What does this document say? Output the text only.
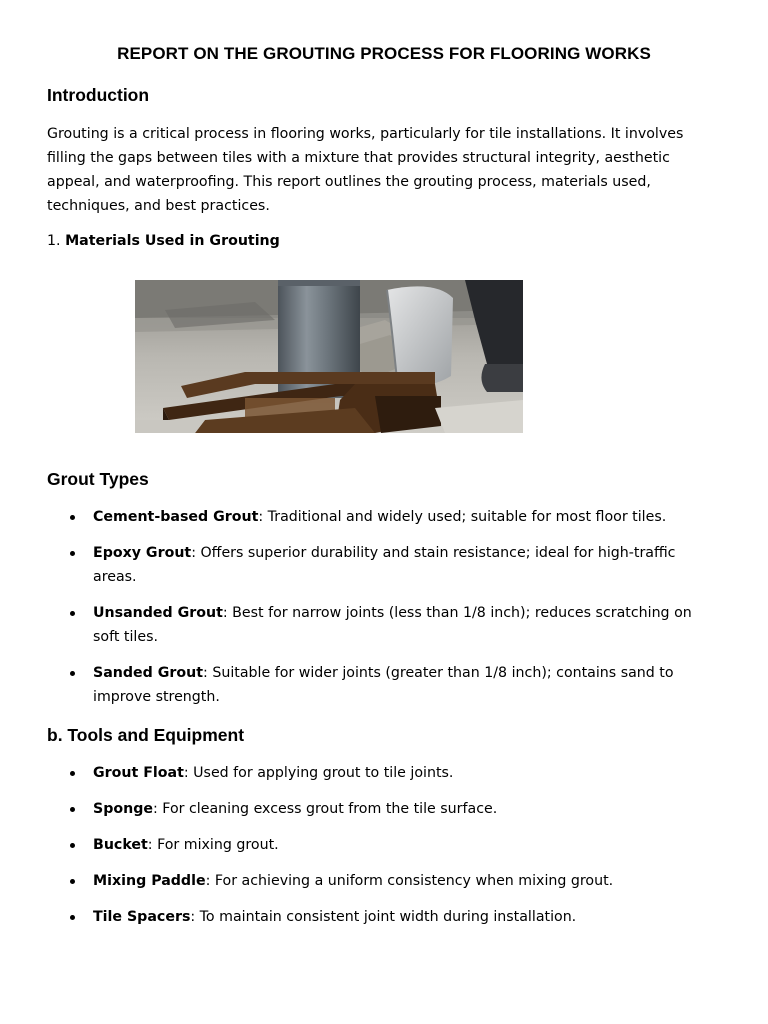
REPORT ON THE GROUTING PROCESS FOR FLOORING WORKS
Introduction

Grouting is a critical process in flooring works, particularly for tile installations. It involves filling the gaps between tiles with a mixture that provides structural integrity, aesthetic appeal, and waterproofing. This report outlines the grouting process, materials used, techniques, and best practices.

1. Materials Used in Grouting

Grout Types
Cement-based Grout: Traditional and widely used; suitable for most floor tiles.
Epoxy Grout: Offers superior durability and stain resistance; ideal for high-traffic areas.
Unsanded Grout: Best for narrow joints (less than 1/8 inch); reduces scratching on soft tiles.
Sanded Grout: Suitable for wider joints (greater than 1/8 inch); contains sand to improve strength.
b. Tools and Equipment
Grout Float: Used for applying grout to tile joints.
Sponge: For cleaning excess grout from the tile surface.
Bucket: For mixing grout.
Mixing Paddle: For achieving a uniform consistency when mixing grout.
Tile Spacers: To maintain consistent joint width during installation.
